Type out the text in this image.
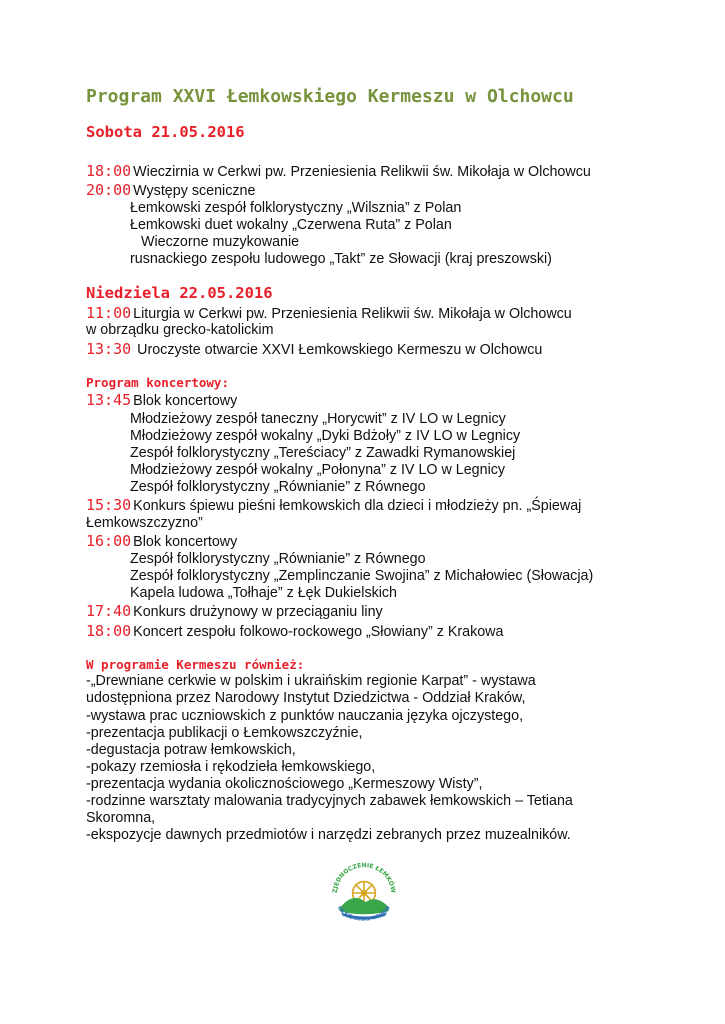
Program XXVI Łemkowskiego Kermeszu w Olchowcu
Sobota 21.05.2016
18:00 Wieczirnia w Cerkwi pw. Przeniesienia Relikwii św. Mikołaja w Olchowcu
20:00 Występy sceniczne
Łemkowski zespół folklorystyczny „Wilsznia” z Polan
Łemkowski duet wokalny „Czerwena Ruta” z Polan
Wieczorne muzykowanie
rusnackiego zespołu ludowego „Takt” ze Słowacji (kraj preszowski)
Niedziela 22.05.2016
11:00 Liturgia w Cerkwi pw. Przeniesienia Relikwii św. Mikołaja w Olchowcu
w obrządku grecko-katolickim
13:30 Uroczyste otwarcie XXVI Łemkowskiego Kermeszu w Olchowcu
Program koncertowy:
13:45 Blok koncertowy
Młodzieżowy zespół taneczny „Horycwit” z IV LO w Legnicy
Młodzieżowy zespół wokalny „Dyki Bdżoły” z IV LO w Legnicy
Zespół folklorystyczny „Tereściacy” z Zawadki Rymanowskiej
Młodzieżowy zespół wokalny „Połonyna” z IV LO w Legnicy
Zespół folklorystyczny „Równianie” z Równego
15:30 Konkurs śpiewu pieśni łemkowskich dla dzieci i młodzieży pn. „Śpiewaj
Łemkowszczyzno”
16:00 Blok koncertowy
Zespół folklorystyczny „Równianie” z Równego
Zespół folklorystyczny „Zemplinczanie Swojina” z Michałowiec (Słowacja)
Kapela ludowa „Tołhaje” z Łęk Dukielskich
17:40 Konkurs drużynowy w przeciąganiu liny
18:00 Koncert zespołu folkowo-rockowego „Słowiany” z Krakowa
W programie Kermeszu również:
-„Drewniane cerkwie w polskim i ukraińskim regionie Karpat” - wystawa
udostępniona przez Narodowy Instytut Dziedzictwa - Oddział Kraków,
-wystawa prac uczniowskich z punktów nauczania języka ojczystego,
-prezentacja publikacji o Łemkowszczyźnie,
-degustacja potraw łemkowskich,
-pokazy rzemiosła i rękodzieła łemkowskiego,
-prezentacja wydania okolicznościowego „Kermeszowy Wisty”,
-rodzinne warsztaty malowania tradycyjnych zabawek łemkowskich – Tetiana
Skoromna,
-ekspozycje dawnych przedmiotów i narzędzi zebranych przez muzealników.
ZJEDNOCZENIE ŁEMKÓW
ОБ'ЄДНАННЯ ЛЕМКІВ
